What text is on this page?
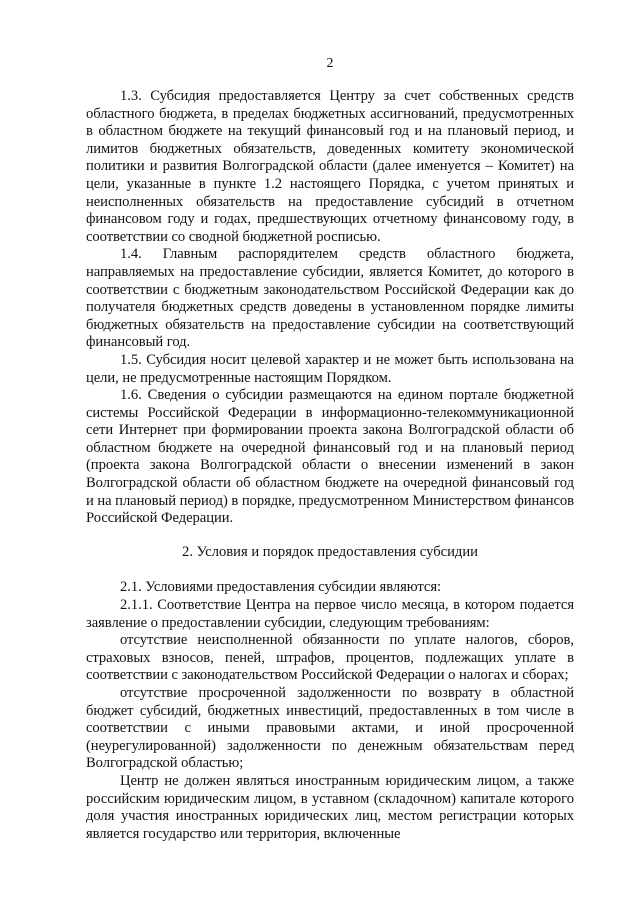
2

1.3. Субсидия предоставляется Центру за счет собственных средств областного бюджета, в пределах бюджетных ассигнований, предусмотренных в областном бюджете на текущий финансовый год и на плановый период, и лимитов бюджетных обязательств, доведенных комитету экономической политики и развития Волгоградской области (далее именуется – Комитет) на цели, указанные в пункте 1.2 настоящего Порядка, с учетом принятых и неисполненных обязательств на предоставление субсидий в отчетном финансовом году и годах, предшествующих отчетному финансовому году, в соответствии со сводной бюджетной росписью.

1.4. Главным распорядителем средств областного бюджета, направляемых на предоставление субсидии, является Комитет, до которого в соответствии с бюджетным законодательством Российской Федерации как до получателя бюджетных средств доведены в установленном порядке лимиты бюджетных обязательств на предоставление субсидии на соответствующий финансовый год.

1.5. Субсидия носит целевой характер и не может быть использована на цели, не предусмотренные настоящим Порядком.

1.6. Сведения о субсидии размещаются на едином портале бюджетной системы Российской Федерации в информационно-телекоммуникационной сети Интернет при формировании проекта закона Волгоградской области об областном бюджете на очередной финансовый год и на плановый период (проекта закона Волгоградской области о внесении изменений в закон Волгоградской области об областном бюджете на очередной финансовый год и на плановый период) в порядке, предусмотренном Министерством финансов Российской Федерации.

2. Условия и порядок предоставления субсидии

2.1. Условиями предоставления субсидии являются:

2.1.1. Соответствие Центра на первое число месяца, в котором подается заявление о предоставлении субсидии, следующим требованиям:

отсутствие неисполненной обязанности по уплате налогов, сборов, страховых взносов, пеней, штрафов, процентов, подлежащих уплате в соответствии с законодательством Российской Федерации о налогах и сборах;

отсутствие просроченной задолженности по возврату в областной бюджет субсидий, бюджетных инвестиций, предоставленных в том числе в соответствии с иными правовыми актами, и иной просроченной (неурегулированной) задолженности по денежным обязательствам перед Волгоградской областью;

Центр не должен являться иностранным юридическим лицом, а также российским юридическим лицом, в уставном (складочном) капитале которого доля участия иностранных юридических лиц, местом регистрации которых является государство или территория, включенные
